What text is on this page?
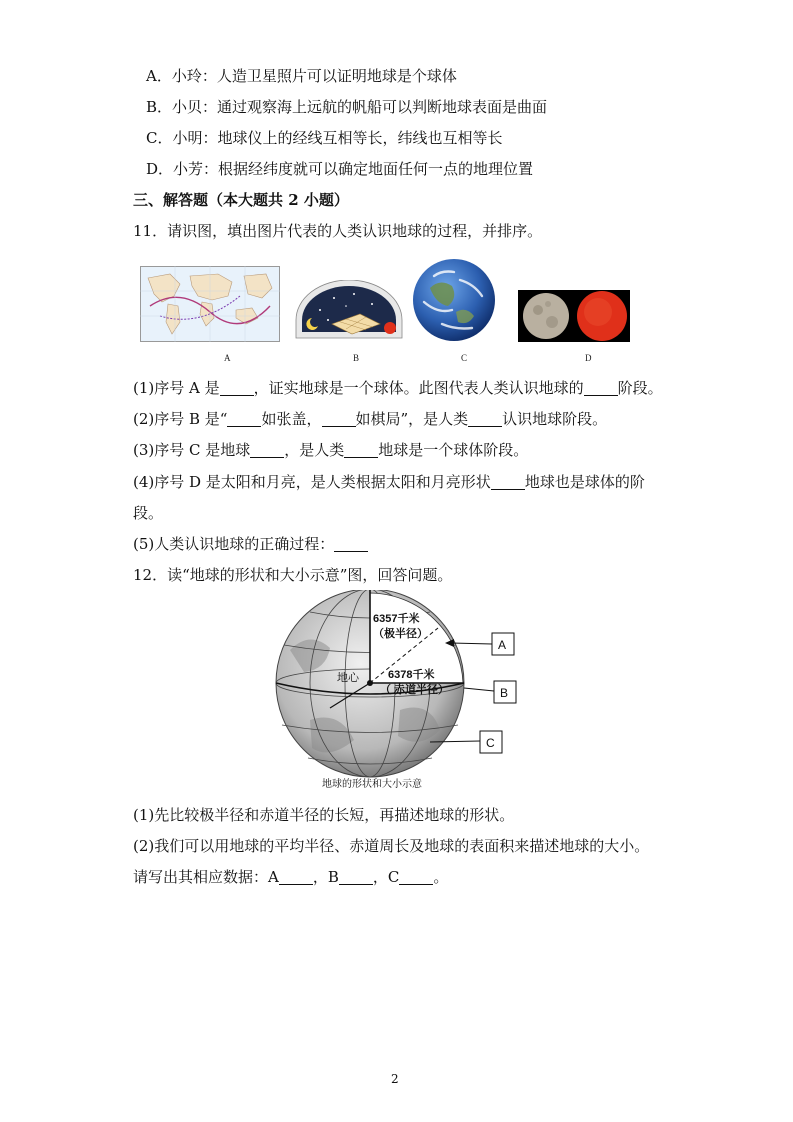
A．小玲：人造卫星照片可以证明地球是个球体
B．小贝：通过观察海上远航的帆船可以判断地球表面是曲面
C．小明：地球仪上的经线互相等长，纬线也互相等长
D．小芳：根据经纬度就可以确定地面任何一点的地理位置
三、解答题（本大题共 2 小题）
11．请识图，填出图片代表的人类认识地球的过程，并排序。
A	B	C	D
(1)序号 A 是 ，证实地球是一个球体。此图代表人类认识地球的 阶段。
(2)序号 B 是“ 如张盖， 如棋局”，是人类 认识地球阶段。
(3)序号 C 是地球 ，是人类 地球是一个球体阶段。
(4)序号 D 是太阳和月亮，是人类根据太阳和月亮形状 地球也是球体的阶
段。
(5)人类认识地球的正确过程：
12．读“地球的形状和大小示意”图，回答问题。
6357千米
（极半径）
6378千米
（ 赤道半径）
地心
A
B
C
地球的形状和大小示意
(1)先比较极半径和赤道半径的长短，再描述地球的形状。
(2)我们可以用地球的平均半径、赤道周长及地球的表面积来描述地球的大小。
请写出其相应数据：A ，B ，C 。
2
